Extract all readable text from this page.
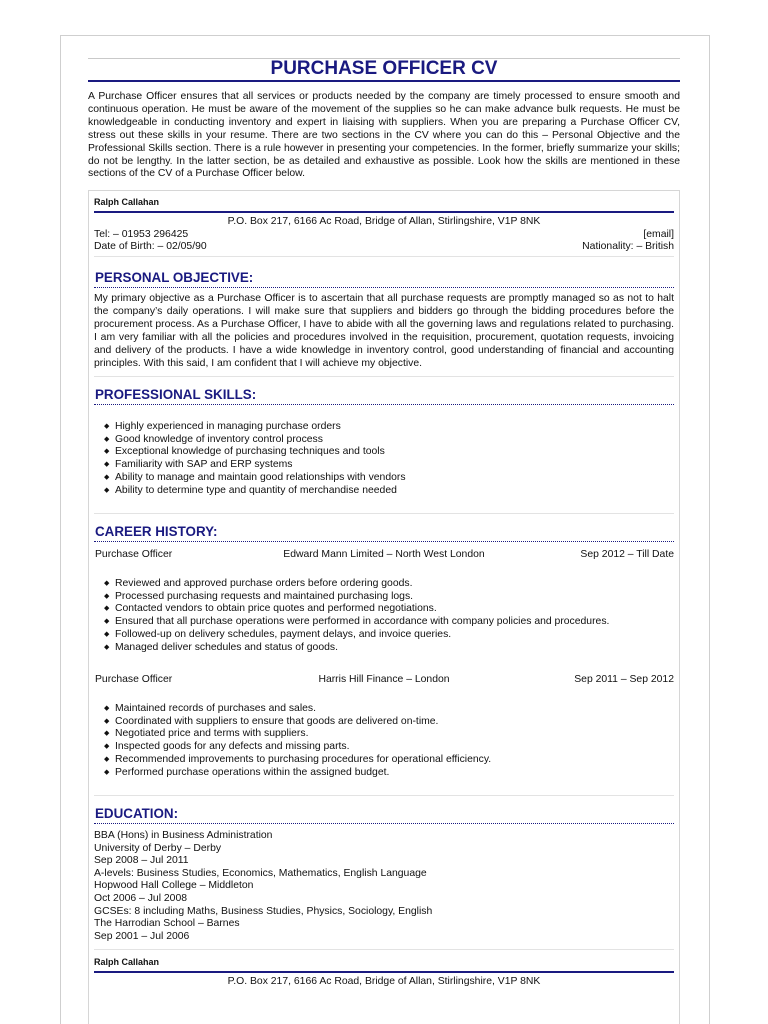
PURCHASE OFFICER CV
A Purchase Officer ensures that all services or products needed by the company are timely processed to ensure smooth and continuous operation. He must be aware of the movement of the supplies so he can make advance bulk requests. He must be knowledgeable in conducting inventory and expert in liaising with suppliers. When you are preparing a Purchase Officer CV, stress out these skills in your resume. There are two sections in the CV where you can do this – Personal Objective and the Professional Skills section. There is a rule however in presenting your competencies. In the former, briefly summarize your skills; do not be lengthy. In the latter section, be as detailed and exhaustive as possible. Look how the skills are mentioned in these sections of the CV of a Purchase Officer below.
Ralph Callahan
P.O. Box 217, 6166 Ac Road, Bridge of Allan, Stirlingshire, V1P 8NK
Tel: – 01953 296425	[email]
Date of Birth: – 02/05/90	Nationality: – British
PERSONAL OBJECTIVE:
My primary objective as a Purchase Officer is to ascertain that all purchase requests are promptly managed so as not to halt the company’s daily operations. I will make sure that suppliers and bidders go through the bidding procedures before the procurement process. As a Purchase Officer, I have to abide with all the governing laws and regulations related to purchasing. I am very familiar with all the policies and procedures involved in the requisition, procurement, quotation requests, invoicing and delivery of the products. I have a wide knowledge in inventory control, good understanding of financial and accounting principles. With this said, I am confident that I will achieve my objective.
PROFESSIONAL SKILLS:
◆ Highly experienced in managing purchase orders
◆ Good knowledge of inventory control process
◆ Exceptional knowledge of purchasing techniques and tools
◆ Familiarity with SAP and ERP systems
◆ Ability to manage and maintain good relationships with vendors
◆ Ability to determine type and quantity of merchandise needed
CAREER HISTORY:
Purchase Officer	Edward Mann Limited – North West London	Sep 2012 – Till Date
◆ Reviewed and approved purchase orders before ordering goods.
◆ Processed purchasing requests and maintained purchasing logs.
◆ Contacted vendors to obtain price quotes and performed negotiations.
◆ Ensured that all purchase operations were performed in accordance with company policies and procedures.
◆ Followed-up on delivery schedules, payment delays, and invoice queries.
◆ Managed deliver schedules and status of goods.
Purchase Officer	Harris Hill Finance – London	Sep 2011 – Sep 2012
◆ Maintained records of purchases and sales.
◆ Coordinated with suppliers to ensure that goods are delivered on-time.
◆ Negotiated price and terms with suppliers.
◆ Inspected goods for any defects and missing parts.
◆ Recommended improvements to purchasing procedures for operational efficiency.
◆ Performed purchase operations within the assigned budget.
EDUCATION:
BBA (Hons) in Business Administration
University of Derby – Derby
Sep 2008 – Jul 2011
A-levels: Business Studies, Economics, Mathematics, English Language
Hopwood Hall College – Middleton
Oct 2006 – Jul 2008
GCSEs: 8 including Maths, Business Studies, Physics, Sociology, English
The Harrodian School – Barnes
Sep 2001 – Jul 2006
Ralph Callahan
P.O. Box 217, 6166 Ac Road, Bridge of Allan, Stirlingshire, V1P 8NK
